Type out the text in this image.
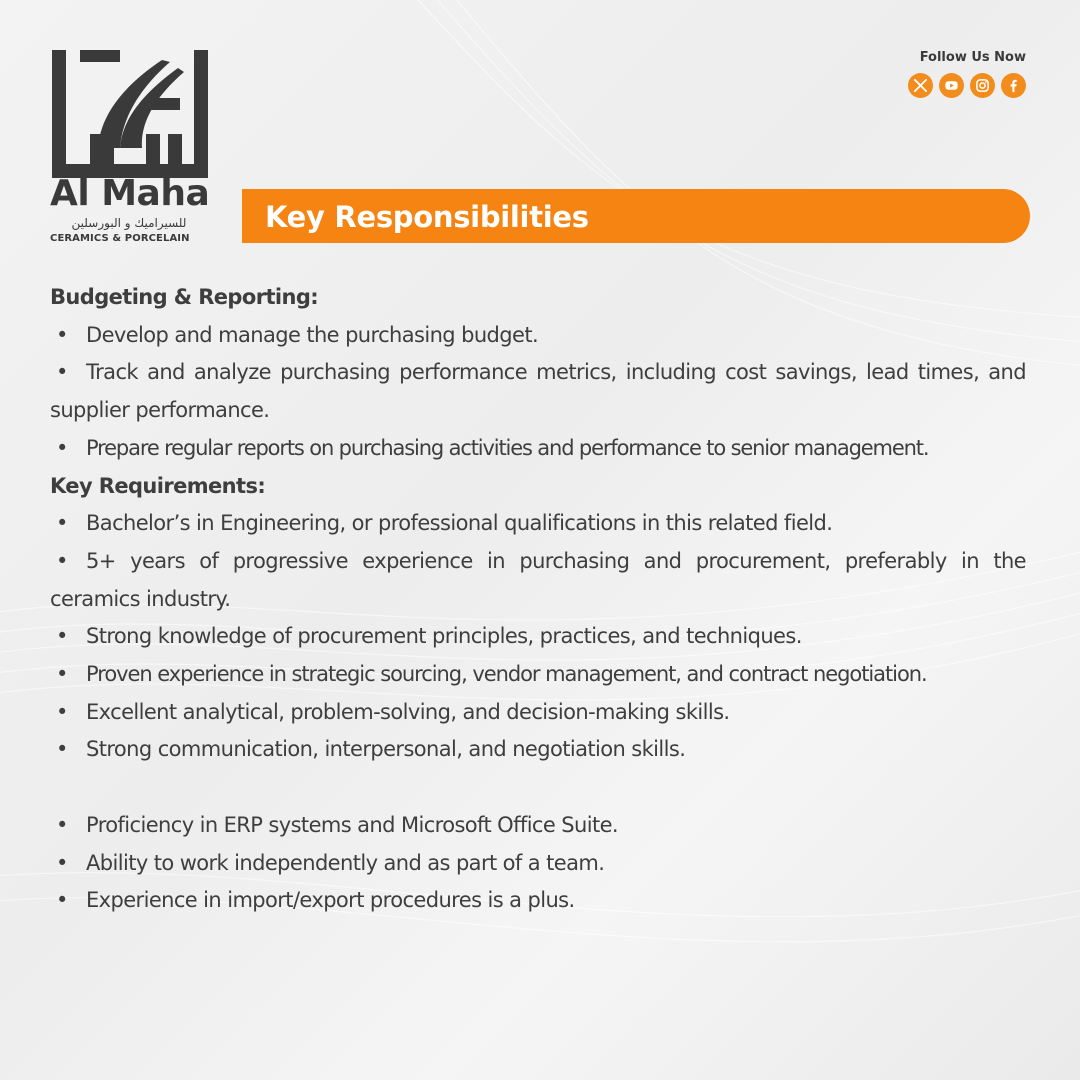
Al Maha
للسيراميك و البورسلين
CERAMICS & PORCELAIN
Follow Us Now
Key Responsibilities
Budgeting & Reporting:
• Develop and manage the purchasing budget.
• Track and analyze purchasing performance metrics, including cost savings, lead times, and supplier performance.
• Prepare regular reports on purchasing activities and performance to senior management.
Key Requirements:
• Bachelor’s in Engineering, or professional qualifications in this related field.
• 5+ years of progressive experience in purchasing and procurement, preferably in the ceramics industry.
• Strong knowledge of procurement principles, practices, and techniques.
• Proven experience in strategic sourcing, vendor management, and contract negotiation.
• Excellent analytical, problem-solving, and decision-making skills.
• Strong communication, interpersonal, and negotiation skills.
• Proficiency in ERP systems and Microsoft Office Suite.
• Ability to work independently and as part of a team.
• Experience in import/export procedures is a plus.
